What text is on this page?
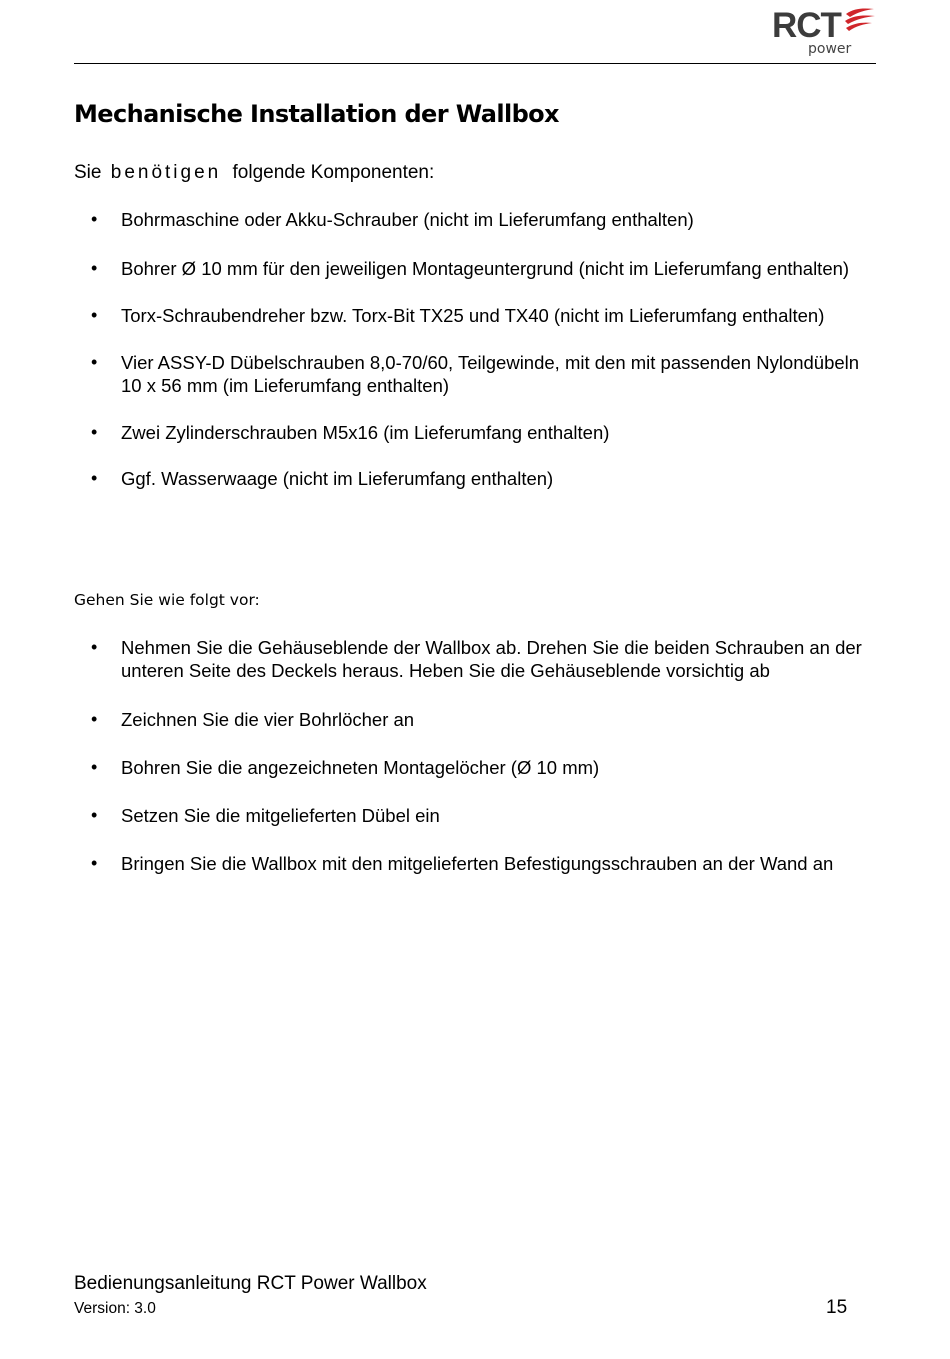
RCT
power
Mechanische Installation der Wallbox
Sie benötigen folgende Komponenten:
• Bohrmaschine oder Akku-Schrauber (nicht im Lieferumfang enthalten)
• Bohrer Ø 10 mm für den jeweiligen Montageuntergrund (nicht im Lieferumfang enthalten)
• Torx-Schraubendreher bzw. Torx-Bit TX25 und TX40 (nicht im Lieferumfang enthalten)
• Vier ASSY-D Dübelschrauben 8,0-70/60, Teilgewinde, mit den mit passenden Nylondübeln 10 x 56 mm (im Lieferumfang enthalten)
• Zwei Zylinderschrauben M5x16 (im Lieferumfang enthalten)
• Ggf. Wasserwaage (nicht im Lieferumfang enthalten)
Gehen Sie wie folgt vor:
• Nehmen Sie die Gehäuseblende der Wallbox ab. Drehen Sie die beiden Schrauben an der unteren Seite des Deckels heraus. Heben Sie die Gehäuseblende vorsichtig ab
• Zeichnen Sie die vier Bohrlöcher an
• Bohren Sie die angezeichneten Montagelöcher (Ø 10 mm)
• Setzen Sie die mitgelieferten Dübel ein
• Bringen Sie die Wallbox mit den mitgelieferten Befestigungsschrauben an der Wand an
Bedienungsanleitung RCT Power Wallbox
Version: 3.0	15
